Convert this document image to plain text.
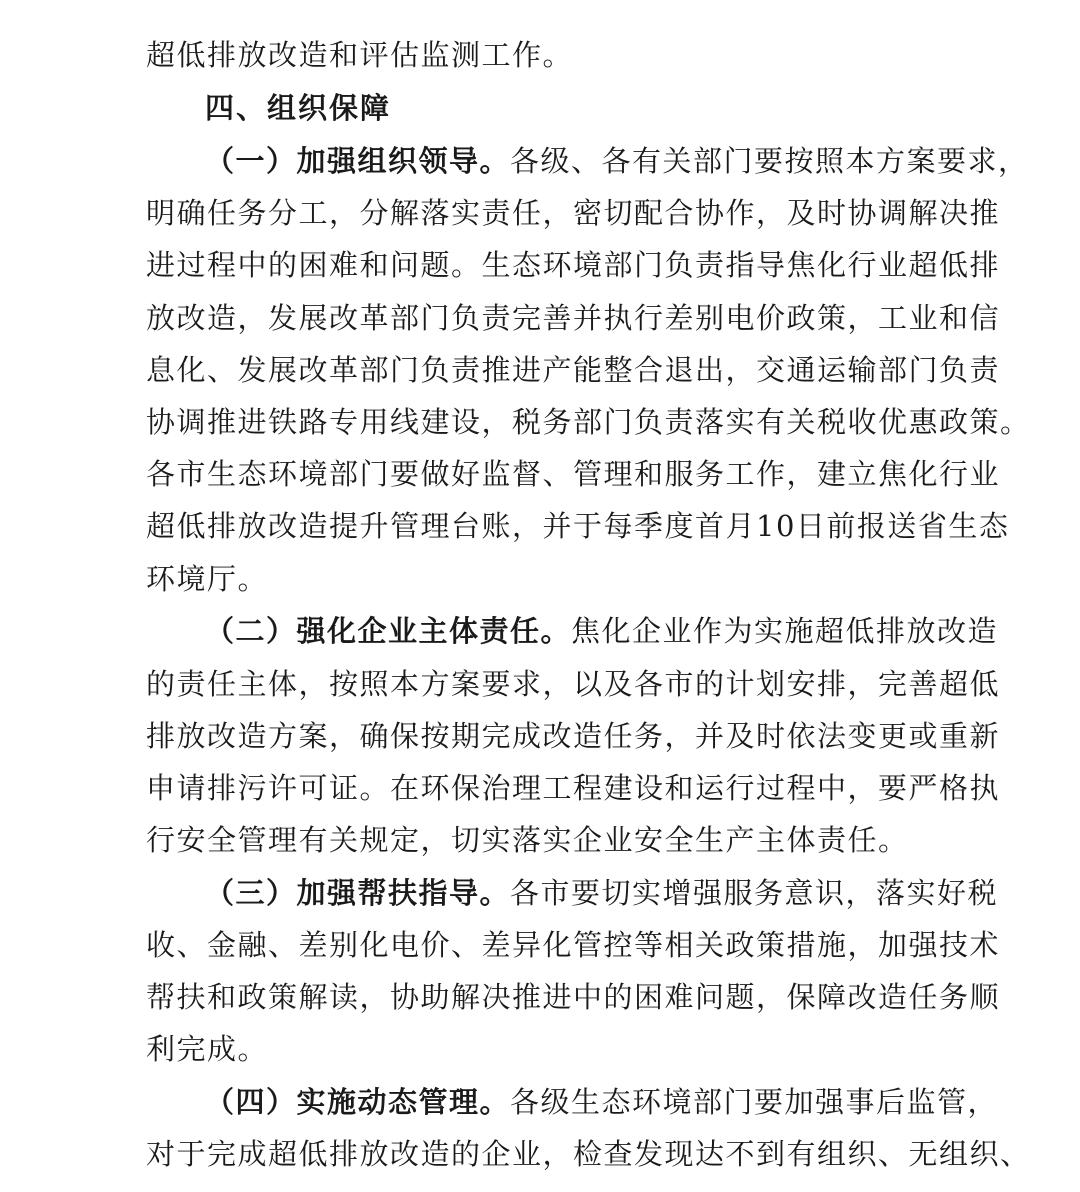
超低排放改造和评估监测工作。
四、组织保障
（一）加强组织领导。各级、各有关部门要按照本方案要求，
明确任务分工，分解落实责任，密切配合协作，及时协调解决推
进过程中的困难和问题。生态环境部门负责指导焦化行业超低排
放改造，发展改革部门负责完善并执行差别电价政策，工业和信
息化、发展改革部门负责推进产能整合退出，交通运输部门负责
协调推进铁路专用线建设，税务部门负责落实有关税收优惠政策。
各市生态环境部门要做好监督、管理和服务工作，建立焦化行业
超低排放改造提升管理台账，并于每季度首月10日前报送省生态
环境厅。
（二）强化企业主体责任。焦化企业作为实施超低排放改造
的责任主体，按照本方案要求，以及各市的计划安排，完善超低
排放改造方案，确保按期完成改造任务，并及时依法变更或重新
申请排污许可证。在环保治理工程建设和运行过程中，要严格执
行安全管理有关规定，切实落实企业安全生产主体责任。
（三）加强帮扶指导。各市要切实增强服务意识，落实好税
收、金融、差别化电价、差异化管控等相关政策措施，加强技术
帮扶和政策解读，协助解决推进中的困难问题，保障改造任务顺
利完成。
（四）实施动态管理。各级生态环境部门要加强事后监管，
对于完成超低排放改造的企业，检查发现达不到有组织、无组织、
